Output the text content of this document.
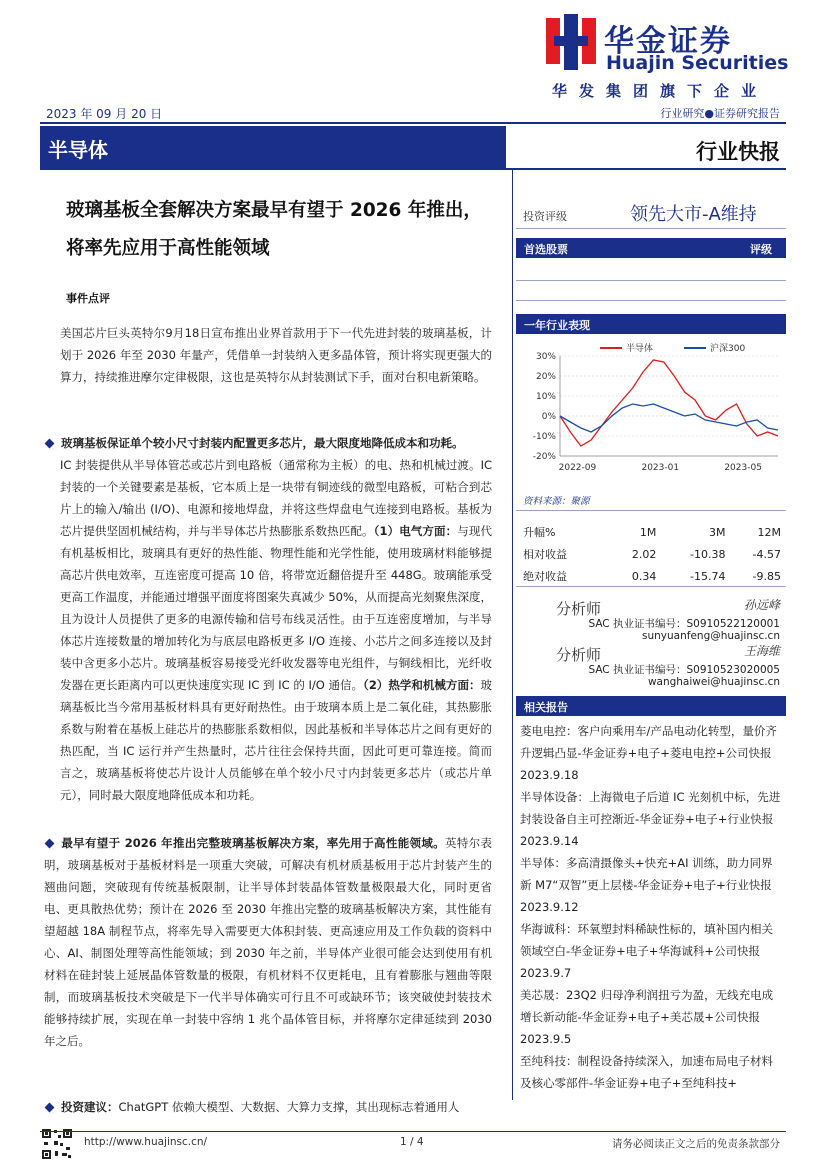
华金证券
Huajin Securities
华发集团旗下企业
2023 年 09 月 20 日	行业研究●证券研究报告
半导体	行业快报
玻璃基板全套解决方案最早有望于 2026 年推出，将率先应用于高性能领域
事件点评
美国芯片巨头英特尔9月18日宣布推出业界首款用于下一代先进封装的玻璃基板，计划于 2026 年至 2030 年量产，凭借单一封装纳入更多晶体管，预计将实现更强大的算力，持续推进摩尔定律极限，这也是英特尔从封装测试下手，面对台积电新策略。
玻璃基板保证单个较小尺寸封装内配置更多芯片，最大限度地降低成本和功耗。
IC 封装提供从半导体管芯或芯片到电路板（通常称为主板）的电、热和机械过渡。IC 封装的一个关键要素是基板，它本质上是一块带有铜迹线的微型电路板，可粘合到芯片上的输入/输出 (I/O)、电源和接地焊盘，并将这些焊盘电气连接到电路板。基板为芯片提供坚固机械结构，并与半导体芯片热膨胀系数热匹配。（1）电气方面：与现代有机基板相比，玻璃具有更好的热性能、物理性能和光学性能，使用玻璃材料能够提高芯片供电效率，互连密度可提高 10 倍，将带宽近翻倍提升至 448G。玻璃能承受更高工作温度，并能通过增强平面度将图案失真减少 50%，从而提高光刻聚焦深度，且为设计人员提供了更多的电源传输和信号布线灵活性。由于互连密度增加，与半导体芯片连接数量的增加转化为与底层电路板更多 I/O 连接、小芯片之间多连接以及封装中含更多小芯片。玻璃基板容易接受光纤收发器等电光组件，与铜线相比，光纤收发器在更长距离内可以更快速度实现 IC 到 IC 的 I/O 通信。（2）热学和机械方面：玻璃基板比当今常用基板材料具有更好耐热性。由于玻璃本质上是二氧化硅，其热膨胀系数与附着在基板上硅芯片的热膨胀系数相似，因此基板和半导体芯片之间有更好的热匹配，当 IC 运行并产生热量时，芯片往往会保持共面，因此可更可靠连接。简而言之，玻璃基板将使芯片设计人员能够在单个较小尺寸内封装更多芯片（或芯片单元），同时最大限度地降低成本和功耗。
最早有望于 2026 年推出完整玻璃基板解决方案，率先用于高性能领域。英特尔表明，玻璃基板对于基板材料是一项重大突破，可解决有机材质基板用于芯片封装产生的翘曲问题，突破现有传统基板限制，让半导体封装晶体管数量极限最大化，同时更省电、更具散热优势；预计在 2026 至 2030 年推出完整的玻璃基板解决方案，其性能有望超越 18A 制程节点，将率先导入需要更大体积封装、更高速应用及工作负载的资料中心、AI、制图处理等高性能领域；到 2030 年之前，半导体产业很可能会达到使用有机材料在硅封装上延展晶体管数量的极限，有机材料不仅更耗电，且有着膨胀与翘曲等限制，而玻璃基板技术突破是下一代半导体确实可行且不可或缺环节；该突破使封装技术能够持续扩展，实现在单一封装中容纳 1 兆个晶体管目标，并将摩尔定律延续到 2030 年之后。
投资建议：ChatGPT 依赖大模型、大数据、大算力支撑，其出现标志着通用人
投资评级	领先大市-A维持
首选股票	评级
一年行业表现
30%
20%
10%
0%
-10%
-20%
2022-09	2023-01	2023-05
半导体	沪深300
资料来源：聚源
升幅%	1M	3M	12M
相对收益	2.02	-10.38	-4.57
绝对收益	0.34	-15.74	-9.85
分析师	孙远峰
SAC 执业证书编号：S0910522120001
sunyuanfeng@huajinsc.cn
分析师	王海维
SAC 执业证书编号：S0910523020005
wanghaiwei@huajinsc.cn
相关报告
菱电电控：客户向乘用车/产品电动化转型，量价齐升逻辑凸显-华金证券+电子+菱电电控+公司快报 2023.9.18
半导体设备：上海微电子后道 IC 光刻机中标，先进封装设备自主可控渐近-华金证券+电子+行业快报 2023.9.14
半导体：多高清摄像头+快充+AI 训练，助力同界新 M7“双智”更上层楼-华金证券+电子+行业快报 2023.9.12
华海诚科：环氧塑封料稀缺性标的，填补国内相关领域空白-华金证券+电子+华海诚科+公司快报 2023.9.7
美芯晟：23Q2 归母净利润扭亏为盈，无线充电成增长新动能-华金证券+电子+美芯晟+公司快报 2023.9.5
至纯科技：制程设备持续深入，加速布局电子材料及核心零部件-华金证券+电子+至纯科技+
http://www.huajinsc.cn/	1 / 4	请务必阅读正文之后的免责条款部分
